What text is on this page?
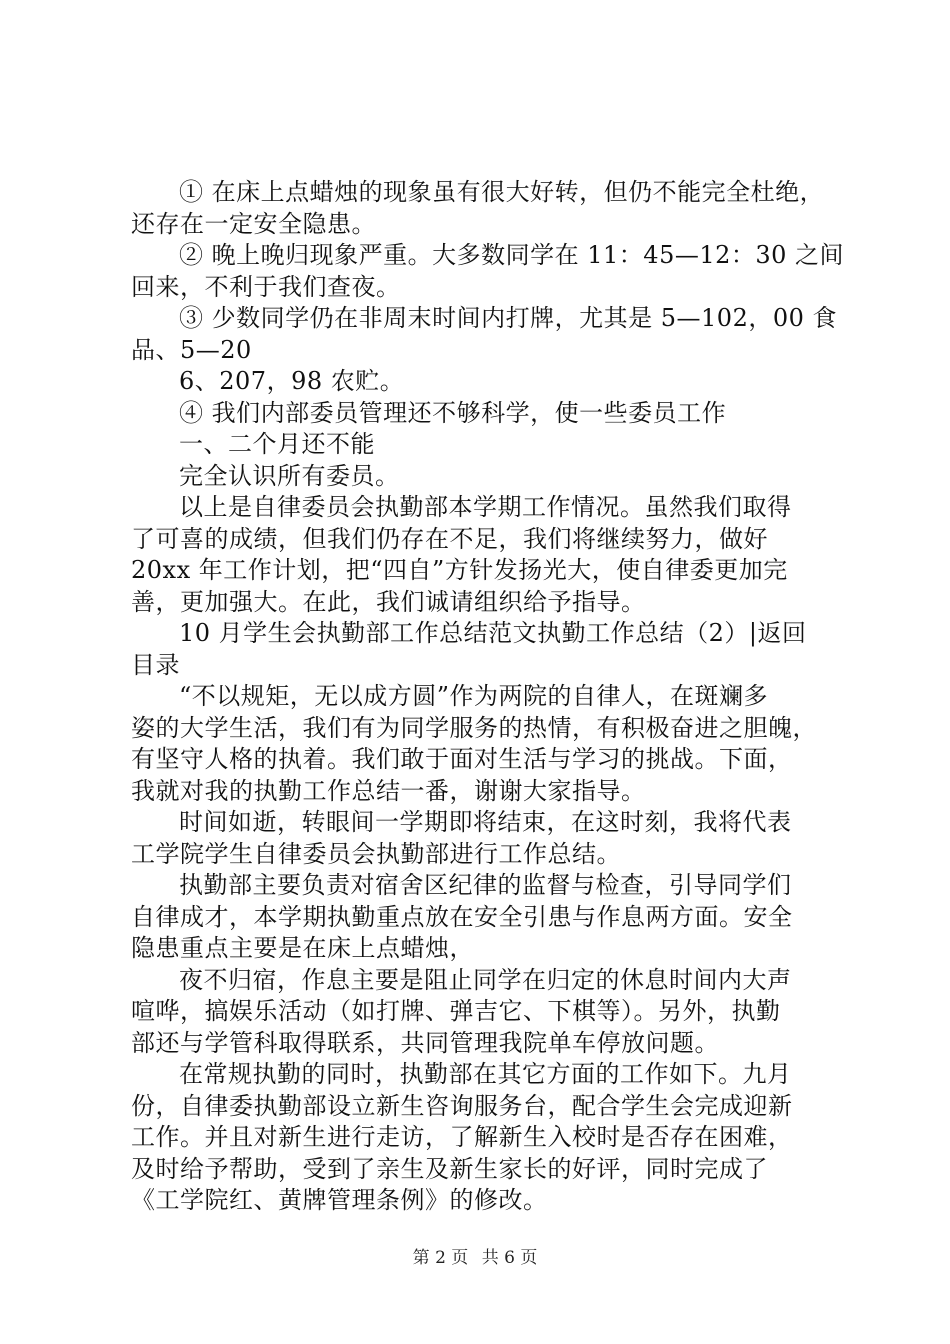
① 在床上点蜡烛的现象虽有很大好转，但仍不能完全杜绝，
还存在一定安全隐患。
② 晚上晚归现象严重。大多数同学在 11：45—12：30 之间
回来，不利于我们查夜。
③ 少数同学仍在非周末时间内打牌，尤其是 5—102，00 食
品、5—20
6、207，98 农贮。
④ 我们内部委员管理还不够科学，使一些委员工作
一、二个月还不能
完全认识所有委员。
以上是自律委员会执勤部本学期工作情况。虽然我们取得
了可喜的成绩，但我们仍存在不足，我们将继续努力，做好
20xx 年工作计划，把“四自”方针发扬光大，使自律委更加完
善，更加强大。在此，我们诚请组织给予指导。
10 月学生会执勤部工作总结范文执勤工作总结（2）|返回
目录
“不以规矩，无以成方圆”作为两院的自律人，在斑斓多
姿的大学生活，我们有为同学服务的热情，有积极奋进之胆魄，
有坚守人格的执着。我们敢于面对生活与学习的挑战。下面，
我就对我的执勤工作总结一番，谢谢大家指导。
时间如逝，转眼间一学期即将结束，在这时刻，我将代表
工学院学生自律委员会执勤部进行工作总结。
执勤部主要负责对宿舍区纪律的监督与检查，引导同学们
自律成才，本学期执勤重点放在安全引患与作息两方面。安全
隐患重点主要是在床上点蜡烛，
夜不归宿，作息主要是阻止同学在归定的休息时间内大声
喧哗，搞娱乐活动（如打牌、弹吉它、下棋等）。另外，执勤
部还与学管科取得联系，共同管理我院单车停放问题。
在常规执勤的同时，执勤部在其它方面的工作如下。九月
份，自律委执勤部设立新生咨询服务台，配合学生会完成迎新
工作。并且对新生进行走访，了解新生入校时是否存在困难，
及时给予帮助，受到了亲生及新生家长的好评，同时完成了
《工学院红、黄牌管理条例》的修改。
第 2 页 共 6 页
